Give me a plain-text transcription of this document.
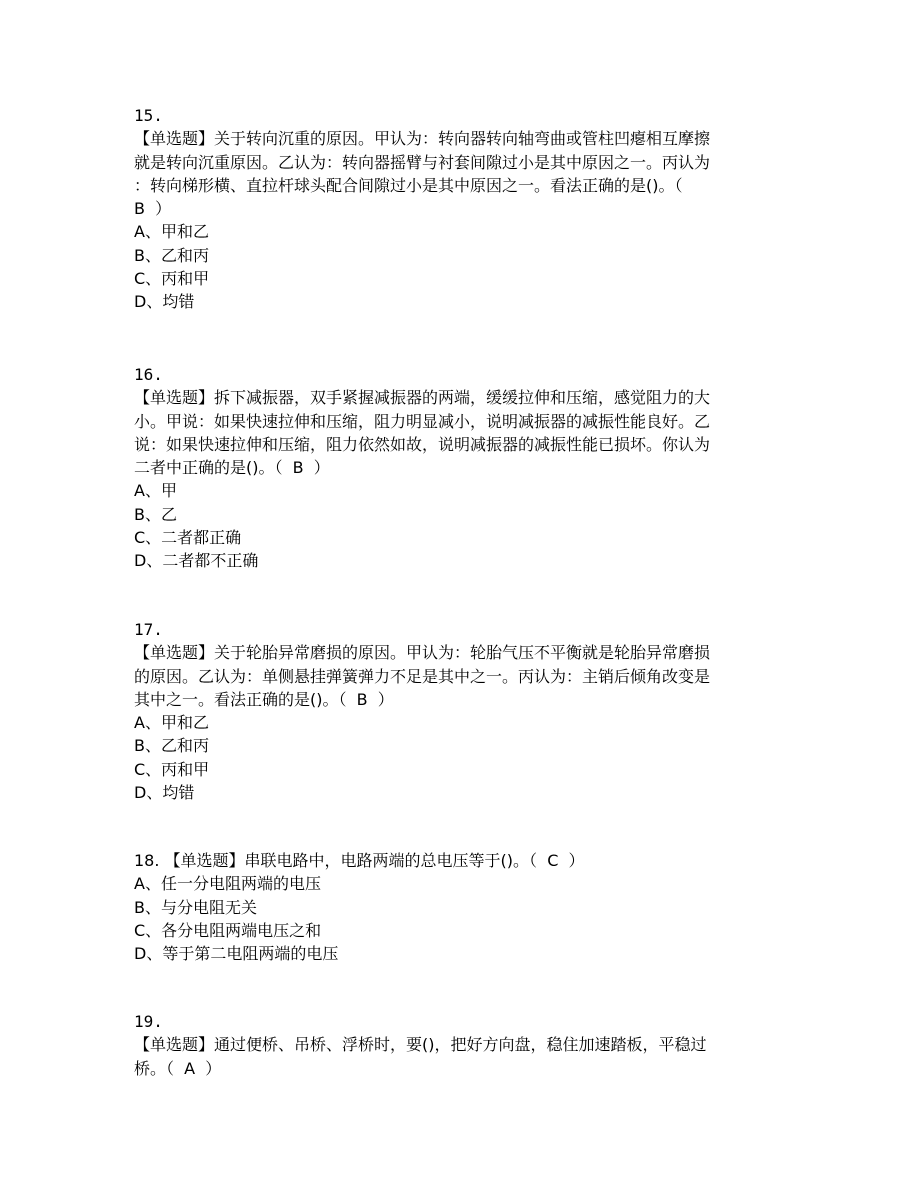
15.
【单选题】关于转向沉重的原因。甲认为：转向器转向轴弯曲或管柱凹瘪相互摩擦
就是转向沉重原因。乙认为：转向器摇臂与衬套间隙过小是其中原因之一。丙认为
：转向梯形横、直拉杆球头配合间隙过小是其中原因之一。看法正确的是()。（
B  ）
A、甲和乙
B、乙和丙
C、丙和甲
D、均错
16.
【单选题】拆下减振器，双手紧握减振器的两端，缓缓拉伸和压缩，感觉阻力的大
小。甲说：如果快速拉伸和压缩，阻力明显减小，说明减振器的减振性能良好。乙
说：如果快速拉伸和压缩，阻力依然如故，说明减振器的减振性能已损坏。你认为
二者中正确的是()。（  B  ）
A、甲
B、乙
C、二者都正确
D、二者都不正确
17.
【单选题】关于轮胎异常磨损的原因。甲认为：轮胎气压不平衡就是轮胎异常磨损
的原因。乙认为：单侧悬挂弹簧弹力不足是其中之一。丙认为：主销后倾角改变是
其中之一。看法正确的是()。（  B  ）
A、甲和乙
B、乙和丙
C、丙和甲
D、均错
18. 【单选题】串联电路中，电路两端的总电压等于()。（  C  ）
A、任一分电阻两端的电压
B、与分电阻无关
C、各分电阻两端电压之和
D、等于第二电阻两端的电压
19.
【单选题】通过便桥、吊桥、浮桥时，要()，把好方向盘，稳住加速踏板，平稳过
桥。（  A  ）
